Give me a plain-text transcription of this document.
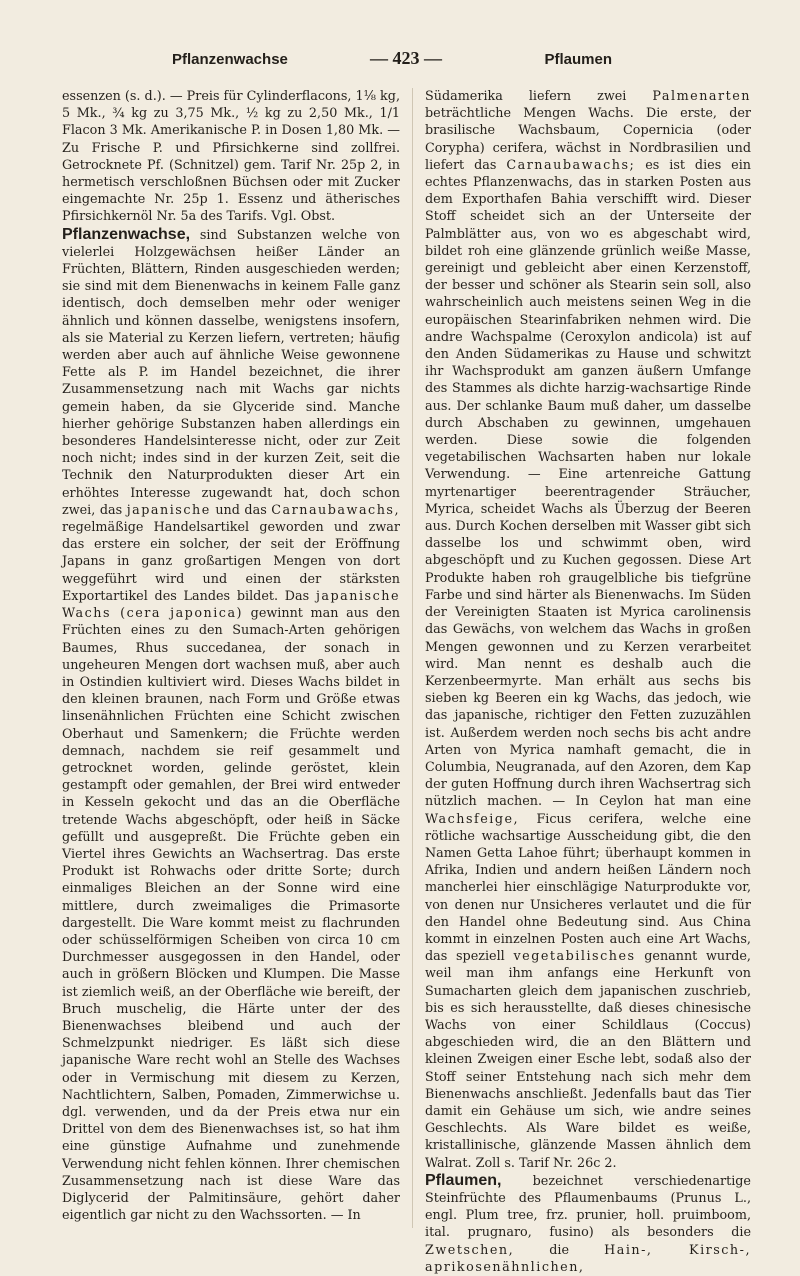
Pflanzenwachse	— 423 —	Pflaumen

essenzen (s. d.). — Preis für Cylinderflacons, 1⅛ kg, 5 Mk., ¾ kg zu 3,75 Mk., ½ kg zu 2,50 Mk., 1/1 Flacon 3 Mk. Amerikanische P. in Dosen 1,80 Mk. — Zu Frische P. und Pfirsichkerne sind zollfrei. Getrocknete Pf. (Schnitzel) gem. Tarif Nr. 25p 2, in hermetisch verschloßnen Büchsen oder mit Zucker eingemachte Nr. 25p 1. Essenz und ätherisches Pfirsichkernöl Nr. 5a des Tarifs. Vgl. Obst.

Pflanzenwachse, sind Substanzen welche von vielerlei Holzgewächsen heißer Länder an Früchten, Blättern, Rinden ausgeschieden werden; sie sind mit dem Bienenwachs in keinem Falle ganz identisch, doch demselben mehr oder weniger ähnlich und können dasselbe, wenigstens insofern, als sie Material zu Kerzen liefern, vertreten; häufig werden aber auch auf ähnliche Weise gewonnene Fette als P. im Handel bezeichnet, die ihrer Zusammensetzung nach mit Wachs gar nichts gemein haben, da sie Glyceride sind. Manche hierher gehörige Substanzen haben allerdings ein besonderes Handelsinteresse nicht, oder zur Zeit noch nicht; indes sind in der kurzen Zeit, seit die Technik den Naturprodukten dieser Art ein erhöhtes Interesse zugewandt hat, doch schon zwei, das japanische und das Carnaubawachs, regelmäßige Handelsartikel geworden und zwar das erstere ein solcher, der seit der Eröffnung Japans in ganz großartigen Mengen von dort weggeführt wird und einen der stärksten Exportartikel des Landes bildet. Das japanische Wachs (cera japonica) gewinnt man aus den Früchten eines zu den Sumach-Arten gehörigen Baumes, Rhus succedanea, der sonach in ungeheuren Mengen dort wachsen muß, aber auch in Ostindien kultiviert wird. Dieses Wachs bildet in den kleinen braunen, nach Form und Größe etwas linsenähnlichen Früchten eine Schicht zwischen Oberhaut und Samenkern; die Früchte werden demnach, nachdem sie reif gesammelt und getrocknet worden, gelinde geröstet, klein gestampft oder gemahlen, der Brei wird entweder in Kesseln gekocht und das an die Oberfläche tretende Wachs abgeschöpft, oder heiß in Säcke gefüllt und ausgepreßt. Die Früchte geben ein Viertel ihres Gewichts an Wachsertrag. Das erste Produkt ist Rohwachs oder dritte Sorte; durch einmaliges Bleichen an der Sonne wird eine mittlere, durch zweimaliges die Primasorte dargestellt. Die Ware kommt meist zu flachrunden oder schüsselförmigen Scheiben von circa 10 cm Durchmesser ausgegossen in den Handel, oder auch in größern Blöcken und Klumpen. Die Masse ist ziemlich weiß, an der Oberfläche wie bereift, der Bruch muschelig, die Härte unter der des Bienenwachses bleibend und auch der Schmelzpunkt niedriger. Es läßt sich diese japanische Ware recht wohl an Stelle des Wachses oder in Vermischung mit diesem zu Kerzen, Nachtlichtern, Salben, Pomaden, Zimmerwichse u. dgl. verwenden, und da der Preis etwa nur ein Drittel von dem des Bienenwachses ist, so hat ihm eine günstige Aufnahme und zunehmende Verwendung nicht fehlen können. Ihrer chemischen Zusammensetzung nach ist diese Ware das Diglycerid der Palmitinsäure, gehört daher eigentlich gar nicht zu den Wachssorten. — In

Südamerika liefern zwei Palmenarten beträchtliche Mengen Wachs. Die erste, der brasilische Wachsbaum, Copernicia (oder Corypha) cerifera, wächst in Nordbrasilien und liefert das Carnaubawachs; es ist dies ein echtes Pflanzenwachs, das in starken Posten aus dem Exporthafen Bahia verschifft wird. Dieser Stoff scheidet sich an der Unterseite der Palmblätter aus, von wo es abgeschabt wird, bildet roh eine glänzende grünlich weiße Masse, gereinigt und gebleicht aber einen Kerzenstoff, der besser und schöner als Stearin sein soll, also wahrscheinlich auch meistens seinen Weg in die europäischen Stearinfabriken nehmen wird. Die andre Wachspalme (Ceroxylon andicola) ist auf den Anden Südamerikas zu Hause und schwitzt ihr Wachsprodukt am ganzen äußern Umfange des Stammes als dichte harzig-wachsartige Rinde aus. Der schlanke Baum muß daher, um dasselbe durch Abschaben zu gewinnen, umgehauen werden. Diese sowie die folgenden vegetabilischen Wachsarten haben nur lokale Verwendung. — Eine artenreiche Gattung myrtenartiger beerentragender Sträucher, Myrica, scheidet Wachs als Überzug der Beeren aus. Durch Kochen derselben mit Wasser gibt sich dasselbe los und schwimmt oben, wird abgeschöpft und zu Kuchen gegossen. Diese Art Produkte haben roh graugelbliche bis tiefgrüne Farbe und sind härter als Bienenwachs. Im Süden der Vereinigten Staaten ist Myrica carolinensis das Gewächs, von welchem das Wachs in großen Mengen gewonnen und zu Kerzen verarbeitet wird. Man nennt es deshalb auch die Kerzenbeermyrte. Man erhält aus sechs bis sieben kg Beeren ein kg Wachs, das jedoch, wie das japanische, richtiger den Fetten zuzuzählen ist. Außerdem werden noch sechs bis acht andre Arten von Myrica namhaft gemacht, die in Columbia, Neugranada, auf den Azoren, dem Kap der guten Hoffnung durch ihren Wachsertrag sich nützlich machen. — In Ceylon hat man eine Wachsfeige, Ficus cerifera, welche eine rötliche wachsartige Ausscheidung gibt, die den Namen Getta Lahoe führt; überhaupt kommen in Afrika, Indien und andern heißen Ländern noch mancherlei hier einschlägige Naturprodukte vor, von denen nur Unsicheres verlautet und die für den Handel ohne Bedeutung sind. Aus China kommt in einzelnen Posten auch eine Art Wachs, das speziell vegetabilisches genannt wurde, weil man ihm anfangs eine Herkunft von Sumacharten gleich dem japanischen zuschrieb, bis es sich herausstellte, daß dieses chinesische Wachs von einer Schildlaus (Coccus) abgeschieden wird, die an den Blättern und kleinen Zweigen einer Esche lebt, sodaß also der Stoff seiner Entstehung nach sich mehr dem Bienenwachs anschließt. Jedenfalls baut das Tier damit ein Gehäuse um sich, wie andre seines Geschlechts. Als Ware bildet es weiße, kristallinische, glänzende Massen ähnlich dem Walrat. Zoll s. Tarif Nr. 26c 2.

Pflaumen, bezeichnet verschiedenartige Steinfrüchte des Pflaumenbaums (Prunus L., engl. Plum tree, frz. prunier, holl. pruimboom, ital. prugnaro, fusino) als besonders die Zwetschen,	die	Hain-, Kirsch-, aprikosenähnlichen,
